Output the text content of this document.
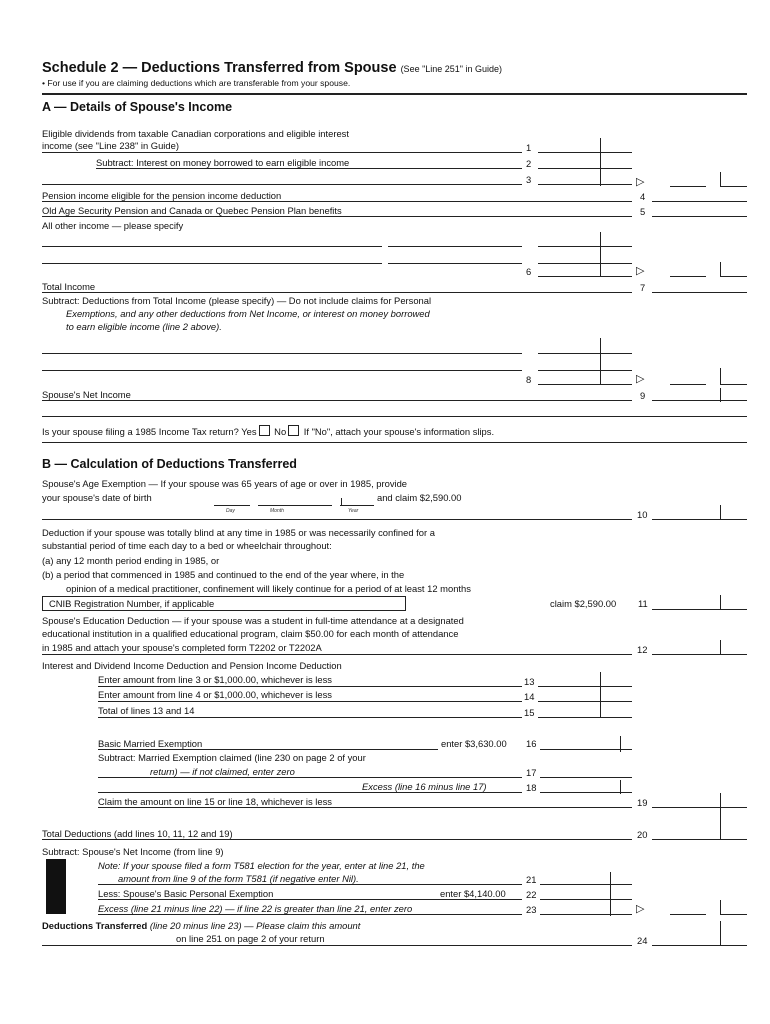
Schedule 2 — Deductions Transferred from Spouse (See "Line 251" in Guide)
• For use if you are claiming deductions which are transferable from your spouse.
A — Details of Spouse's Income
Eligible dividends from taxable Canadian corporations and eligible interest
income (see "Line 238" in Guide)	1
Subtract: Interest on money borrowed to earn eligible income	2
3	▷
Pension income eligible for the pension income deduction	4
Old Age Security Pension and Canada or Quebec Pension Plan benefits	5
All other income — please specify
6	▷
Total Income	7
Subtract: Deductions from Total Income (please specify) — Do not include claims for Personal
Exemptions, and any other deductions from Net Income, or interest on money borrowed
to earn eligible income (line 2 above).
8	▷
Spouse's Net Income	9
Is your spouse filing a 1985 Income Tax return? Yes No If "No", attach your spouse's information slips.
B — Calculation of Deductions Transferred
Spouse's Age Exemption — If your spouse was 65 years of age or over in 1985, provide
your spouse's date of birth
Day	Month	Year
and claim $2,590.00
10
Deduction if your spouse was totally blind at any time in 1985 or was necessarily confined for a
substantial period of time each day to a bed or wheelchair throughout:
(a) any 12 month period ending in 1985, or
(b) a period that commenced in 1985 and continued to the end of the year where, in the
opinion of a medical practitioner, confinement will likely continue for a period of at least 12 months
CNIB Registration Number, if applicable	claim $2,590.00 11
Spouse's Education Deduction — if your spouse was a student in full-time attendance at a designated
educational institution in a qualified educational program, claim $50.00 for each month of attendance
in 1985 and attach your spouse's completed form T2202 or T2202A	12
Interest and Dividend Income Deduction and Pension Income Deduction
Enter amount from line 3 or $1,000.00, whichever is less	13
Enter amount from line 4 or $1,000.00, whichever is less	14
Total of lines 13 and 14	15
Basic Married Exemption	enter $3,630.00 16
Subtract: Married Exemption claimed (line 230 on page 2 of your
return) — if not claimed, enter zero	17
Excess (line 16 minus line 17)	18
Claim the amount on line 15 or line 18, whichever is less	19
Total Deductions (add lines 10, 11, 12 and 19)	20
Subtract: Spouse's Net Income (from line 9)
Note: If your spouse filed a form T581 election for the year, enter at line 21, the
amount from line 9 of the form T581 (if negative enter Nil).	21
Less: Spouse's Basic Personal Exemption	enter $4,140.00 22
Excess (line 21 minus line 22) — if line 22 is greater than line 21, enter zero	23	▷
Deductions Transferred (line 20 minus line 23) — Please claim this amount
on line 251 on page 2 of your return	24
